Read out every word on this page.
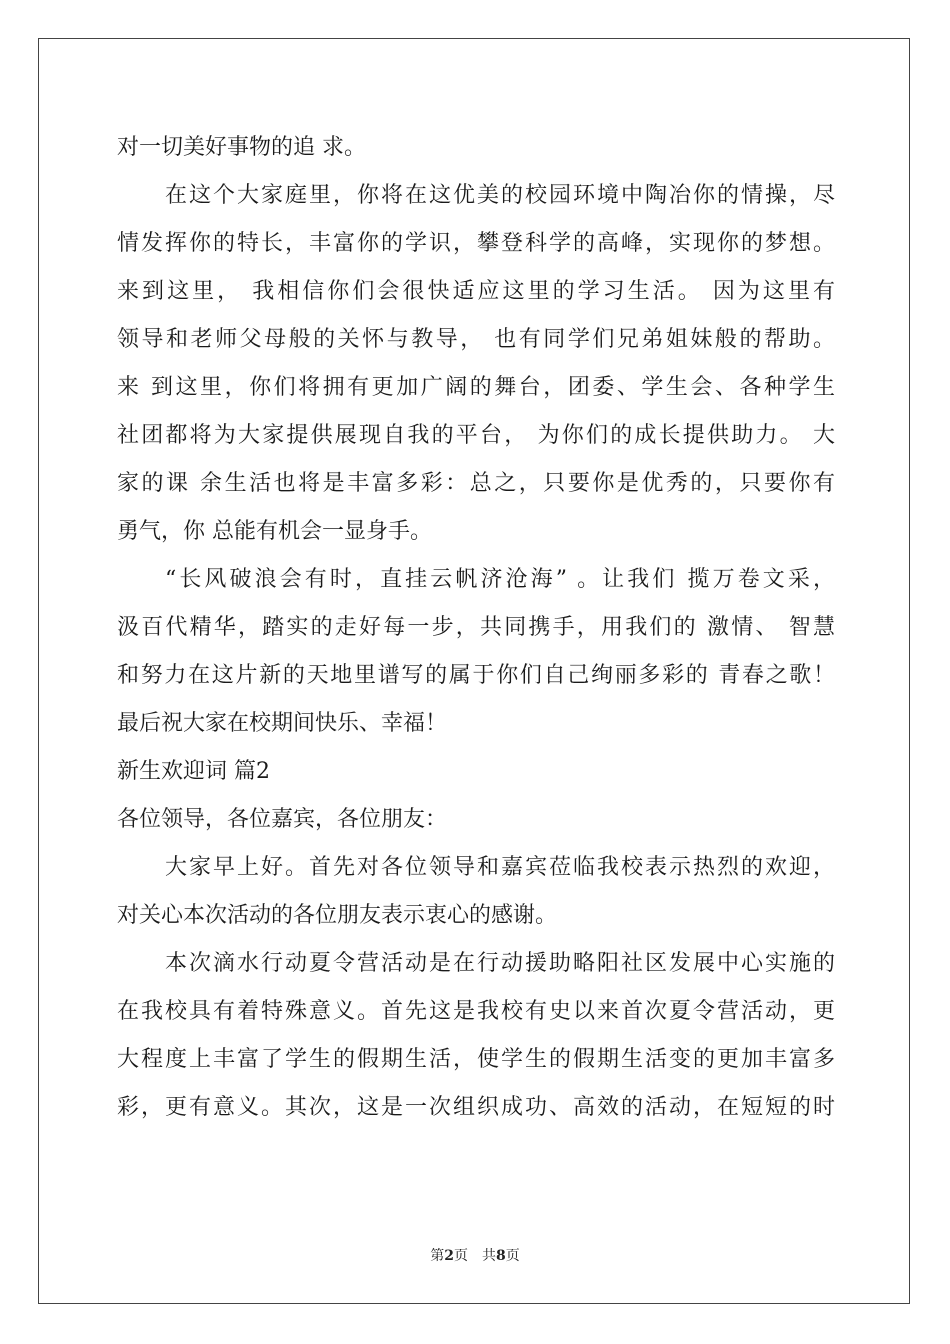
对一切美好事物的追 求。
在这个大家庭里，你将在这优美的校园环境中陶冶你的情操，尽
情发挥你的特长，丰富你的学识，攀登科学的高峰，实现你的梦想。
来到这里， 我相信你们会很快适应这里的学习生活。 因为这里有
领导和老师父母般的关怀与教导， 也有同学们兄弟姐妹般的帮助。
来 到这里，你们将拥有更加广阔的舞台，团委、学生会、各种学生
社团都将为大家提供展现自我的平台， 为你们的成长提供助力。 大
家的课 余生活也将是丰富多彩：总之，只要你是优秀的，只要你有
勇气，你 总能有机会一显身手。
“长风破浪会有时，直挂云帆济沧海” 。让我们 揽万卷文采，
汲百代精华，踏实的走好每一步，共同携手，用我们的 激情、 智慧
和努力在这片新的天地里谱写的属于你们自己绚丽多彩的 青春之歌！
最后祝大家在校期间快乐、幸福！
新生欢迎词 篇2
各位领导，各位嘉宾，各位朋友：
大家早上好。首先对各位领导和嘉宾莅临我校表示热烈的欢迎，
对关心本次活动的各位朋友表示衷心的感谢。
本次滴水行动夏令营活动是在行动援助略阳社区发展中心实施的
在我校具有着特殊意义。首先这是我校有史以来首次夏令营活动，更
大程度上丰富了学生的假期生活，使学生的假期生活变的更加丰富多
彩，更有意义。其次，这是一次组织成功、高效的活动，在短短的时
第2页 共8页
